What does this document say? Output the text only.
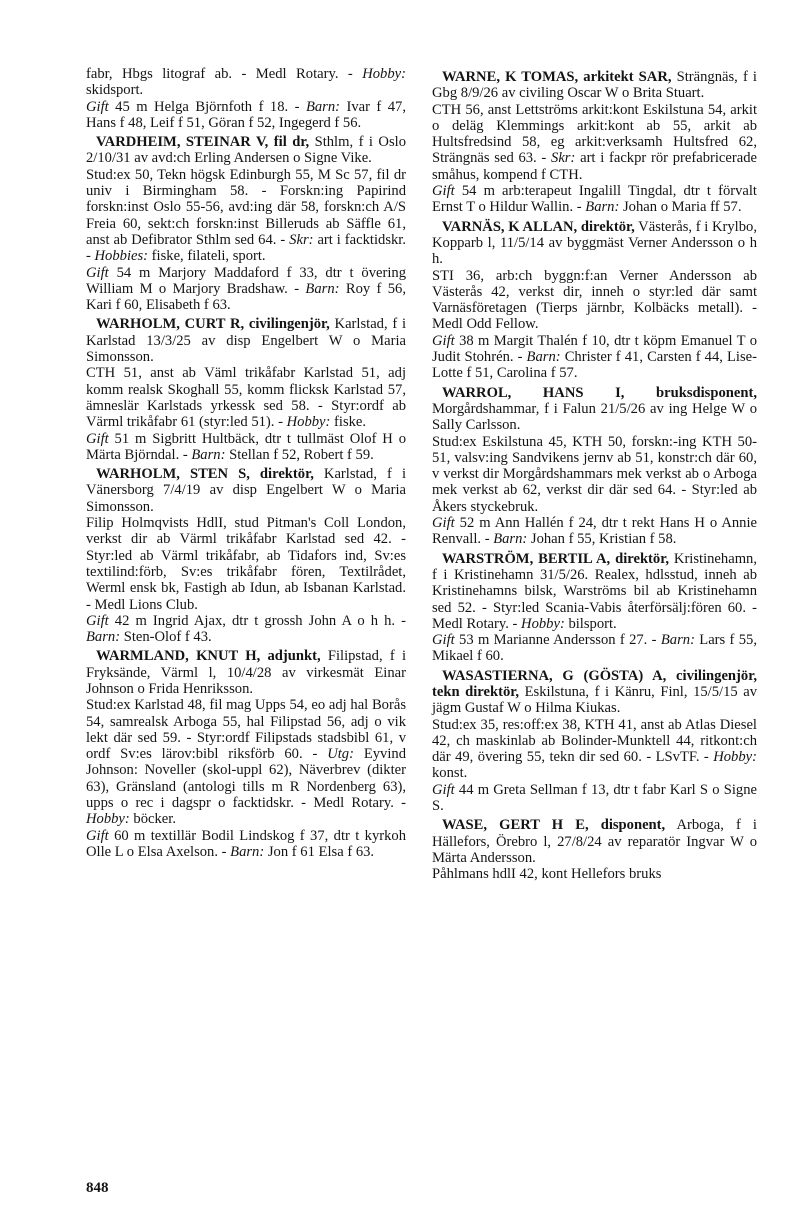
fabr, Hbgs litograf ab. - Medl Rotary. - Hobby: skidsport.

Gift 45 m Helga Björnfoth f 18. - Barn: Ivar f 47, Hans f 48, Leif f 51, Göran f 52, Ingegerd f 56.

VARDHEIM, STEINAR V, fil dr, Sthlm, f i Oslo 2/10/31 av avd:ch Erling Andersen o Signe Vike.

Stud:ex 50, Tekn högsk Edinburgh 55, M Sc 57, fil dr univ i Birmingham 58. - Forskn:ing Papirind forskn:inst Oslo 55-56, avd:ing där 58, forskn:ch A/S Freia 60, sekt:ch forskn:inst Billeruds ab Säffle 61, anst ab Defibrator Sthlm sed 64. - Skr: art i facktidskr. - Hobbies: fiske, filateli, sport.

Gift 54 m Marjory Maddaford f 33, dtr t övering William M o Marjory Bradshaw. - Barn: Roy f 56, Kari f 60, Elisabeth f 63.

WARHOLM, CURT R, civilingenjör, Karlstad, f i Karlstad 13/3/25 av disp Engelbert W o Maria Simonsson.

CTH 51, anst ab Väml trikåfabr Karlstad 51, adj komm realsk Skoghall 55, komm flicksk Karlstad 57, ämneslär Karlstads yrkessk sed 58. - Styr:ordf ab Värml trikåfabr 61 (styr:led 51). - Hobby: fiske.

Gift 51 m Sigbritt Hultbäck, dtr t tullmäst Olof H o Märta Björndal. - Barn: Stellan f 52, Robert f 59.

WARHOLM, STEN S, direktör, Karlstad, f i Vänersborg 7/4/19 av disp Engelbert W o Maria Simonsson.

Filip Holmqvists HdlI, stud Pitman's Coll London, verkst dir ab Värml trikåfabr Karlstad sed 42. - Styr:led ab Värml trikåfabr, ab Tidafors ind, Sv:es textilind:förb, Sv:es trikåfabr fören, Textilrådet, Werml ensk bk, Fastigh ab Idun, ab Isbanan Karlstad. - Medl Lions Club.

Gift 42 m Ingrid Ajax, dtr t grossh John A o h h. - Barn: Sten-Olof f 43.

WARMLAND, KNUT H, adjunkt, Filipstad, f i Fryksände, Värml l, 10/4/28 av virkesmät Einar Johnson o Frida Henriksson.

Stud:ex Karlstad 48, fil mag Upps 54, eo adj hal Borås 54, samrealsk Arboga 55, hal Filipstad 56, adj o vik lekt där sed 59. - Styr:ordf Filipstads stadsbibl 61, v ordf Sv:es lärov:bibl riksförb 60. - Utg: Eyvind Johnson: Noveller (skol-uppl 62), Näverbrev (dikter 63), Gränsland (antologi tills m R Nordenberg 63), upps o rec i dagspr o facktidskr. - Medl Rotary. - Hobby: böcker.

Gift 60 m textillär Bodil Lindskog f 37, dtr t kyrkoh Olle L o Elsa Axelson. - Barn: Jon f 61 Elsa f 63.

WARNE, K TOMAS, arkitekt SAR, Strängnäs, f i Gbg 8/9/26 av civiling Oscar W o Brita Stuart.

CTH 56, anst Lettströms arkit:kont Eskilstuna 54, arkit o deläg Klemmings arkit:kont ab 55, arkit ab Hultsfredsind 58, eg arkit:verksamh Hultsfred 62, Strängnäs sed 63. - Skr: art i fackpr rör prefabricerade småhus, kompend f CTH.

Gift 54 m arb:terapeut Ingalill Tingdal, dtr t förvalt Ernst T o Hildur Wallin. - Barn: Johan o Maria ff 57.

VARNÄS, K ALLAN, direktör, Västerås, f i Krylbo, Kopparb l, 11/5/14 av byggmäst Verner Andersson o h h.

STI 36, arb:ch byggn:f:an Verner Andersson ab Västerås 42, verkst dir, inneh o styr:led där samt Varnäsföretagen (Tierps järnbr, Kolbäcks metall). - Medl Odd Fellow.

Gift 38 m Margit Thalén f 10, dtr t köpm Emanuel T o Judit Stohrén. - Barn: Christer f 41, Carsten f 44, Lise-Lotte f 51, Carolina f 57.

WARROL, HANS I, bruksdisponent, Morgårdshammar, f i Falun 21/5/26 av ing Helge W o Sally Carlsson.

Stud:ex Eskilstuna 45, KTH 50, forskn:-ing KTH 50-51, valsv:ing Sandvikens jernv ab 51, konstr:ch där 60, v verkst dir Morgårdshammars mek verkst ab o Arboga mek verkst ab 62, verkst dir där sed 64. - Styr:led ab Åkers styckebruk.

Gift 52 m Ann Hallén f 24, dtr t rekt Hans H o Annie Renvall. - Barn: Johan f 55, Kristian f 58.

WARSTRÖM, BERTIL A, direktör, Kristinehamn, f i Kristinehamn 31/5/26. Realex, hdlsstud, inneh ab Kristinehamns bilsk, Warströms bil ab Kristinehamn sed 52. - Styr:led Scania-Vabis återförsälj:fören 60. - Medl Rotary. - Hobby: bilsport.

Gift 53 m Marianne Andersson f 27. - Barn: Lars f 55, Mikael f 60.

WASASTIERNA, G (GÖSTA) A, civilingenjör, tekn direktör, Eskilstuna, f i Känru, Finl, 15/5/15 av jägm Gustaf W o Hilma Kiukas.

Stud:ex 35, res:off:ex 38, KTH 41, anst ab Atlas Diesel 42, ch maskinlab ab Bolinder-Munktell 44, ritkont:ch där 49, övering 55, tekn dir sed 60. - LSvTF. - Hobby: konst.

Gift 44 m Greta Sellman f 13, dtr t fabr Karl S o Signe S.

WASE, GERT H E, disponent, Arboga, f i Hällefors, Örebro l, 27/8/24 av reparatör Ingvar W o Märta Andersson.

Påhlmans hdlI 42, kont Hellefors bruks

848
